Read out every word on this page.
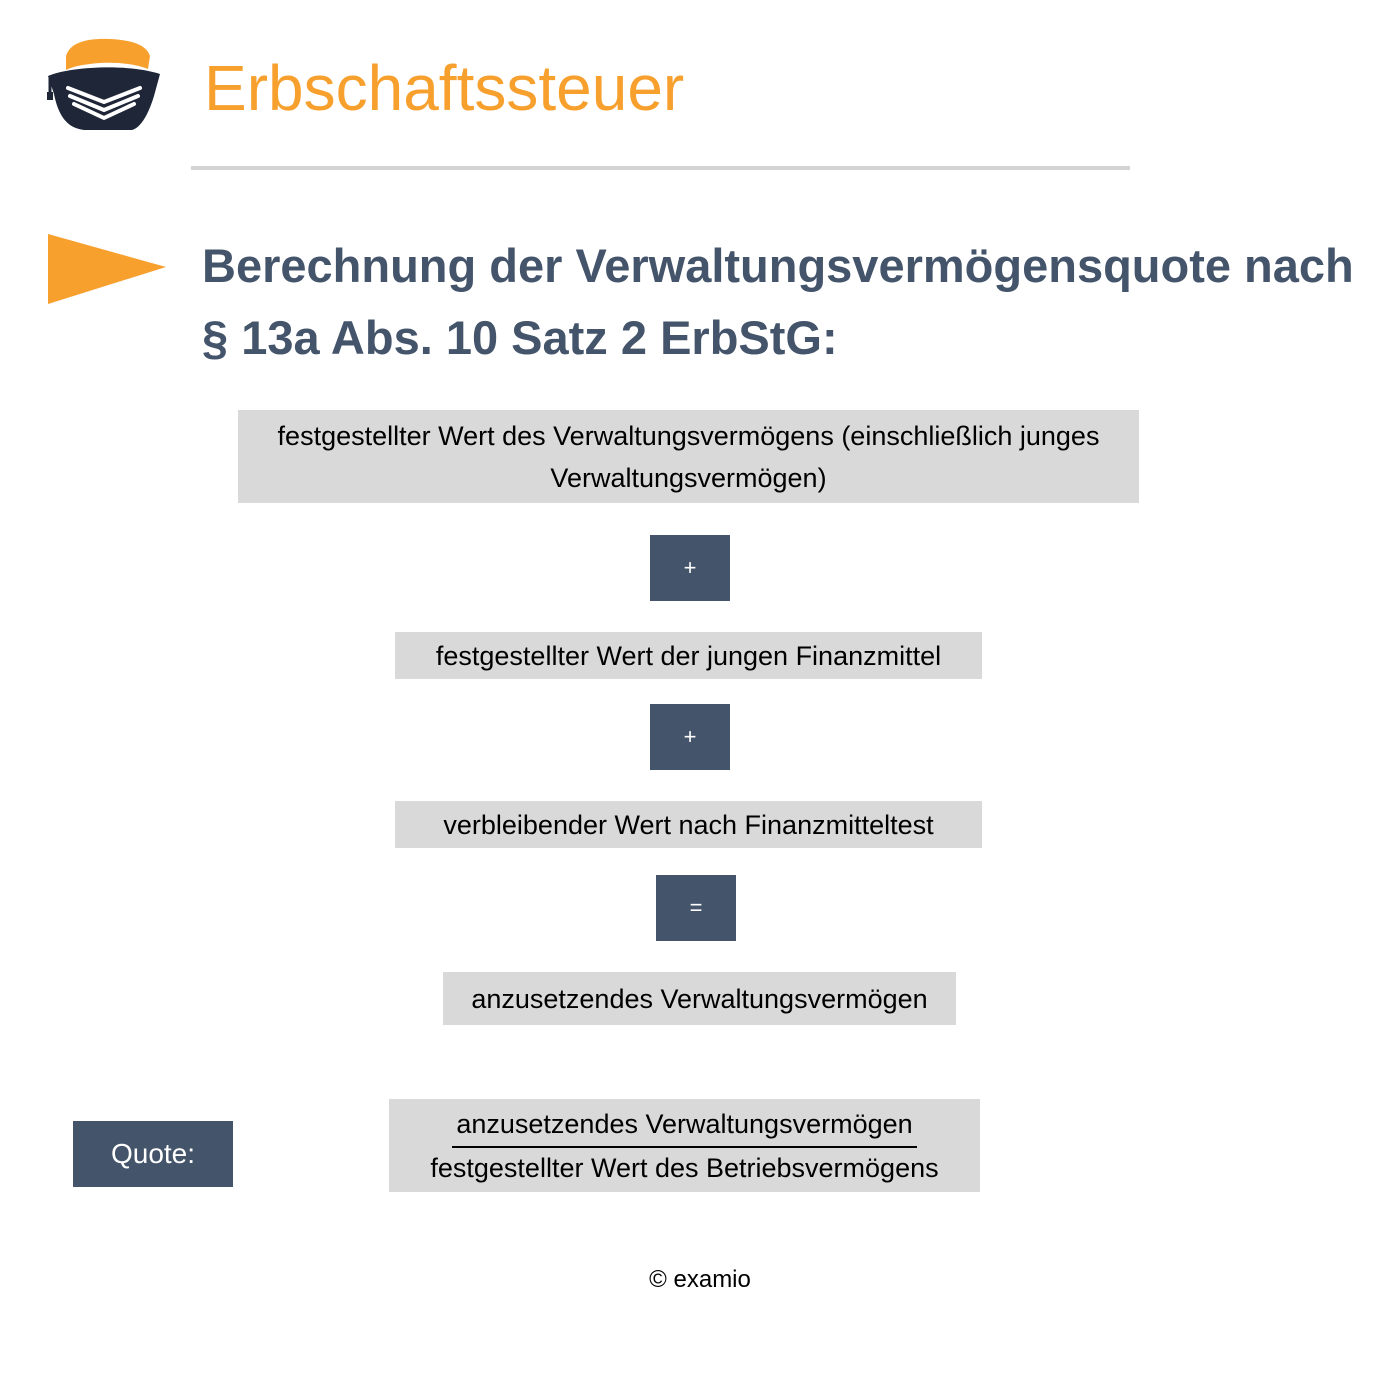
Erbschaftssteuer
Berechnung der Verwaltungsvermögensquote nach
§ 13a Abs. 10 Satz 2 ErbStG:
festgestellter Wert des Verwaltungsvermögens (einschließlich junges
Verwaltungsvermögen)
+
festgestellter Wert der jungen Finanzmittel
+
verbleibender Wert nach Finanzmitteltest
=
anzusetzendes Verwaltungsvermögen
Quote:
anzusetzendes Verwaltungsvermögen
festgestellter Wert des Betriebsvermögens
© examio
